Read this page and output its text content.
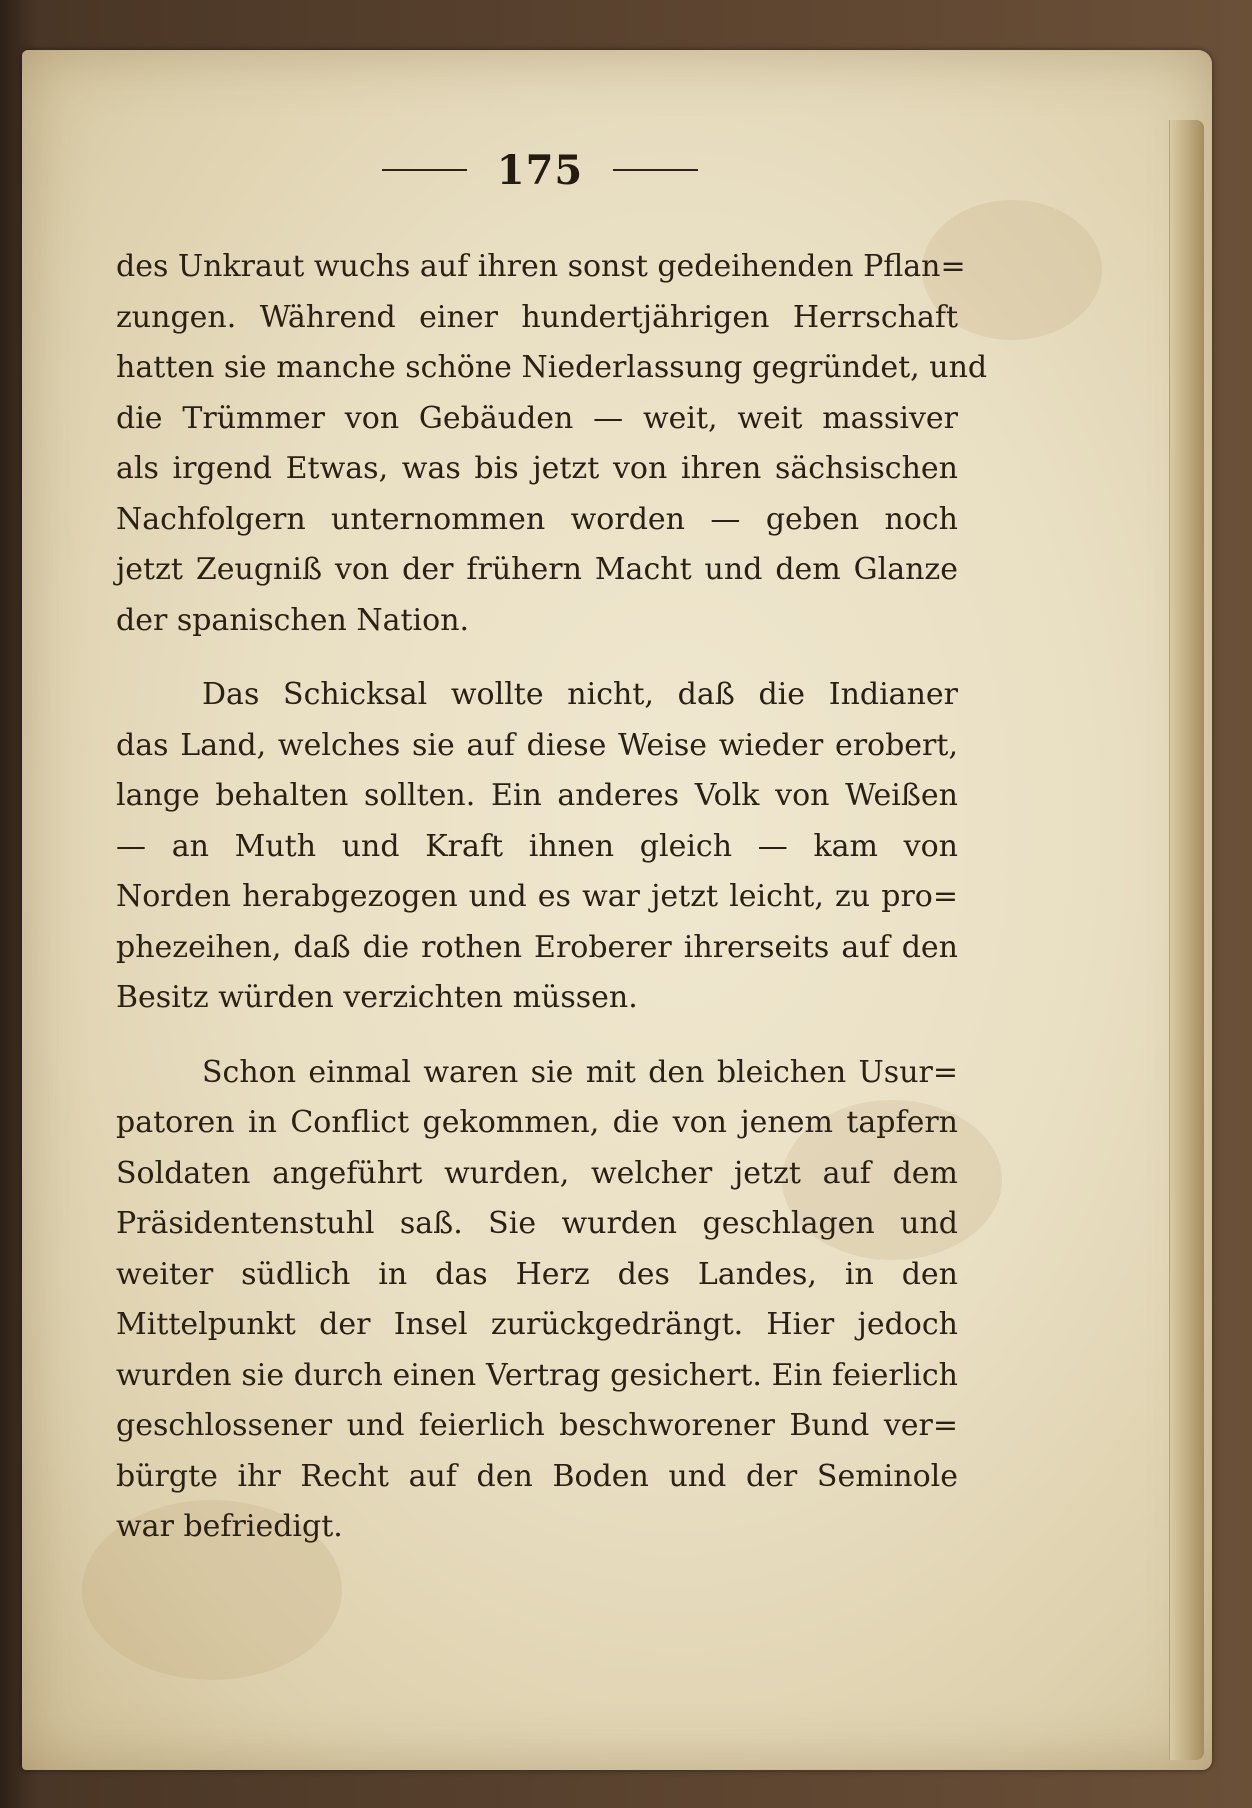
175
des Unkraut wuchs auf ihren sonst gedeihenden Pflan=
zungen. Während einer hundertjährigen Herrschaft
hatten sie manche schöne Niederlassung gegründet, und
die Trümmer von Gebäuden — weit, weit massiver
als irgend Etwas, was bis jetzt von ihren sächsischen
Nachfolgern unternommen worden — geben noch
jetzt Zeugniß von der frühern Macht und dem Glanze
der spanischen Nation.
Das Schicksal wollte nicht, daß die Indianer
das Land, welches sie auf diese Weise wieder erobert,
lange behalten sollten. Ein anderes Volk von Weißen
— an Muth und Kraft ihnen gleich — kam von
Norden herabgezogen und es war jetzt leicht, zu pro=
phezeihen, daß die rothen Eroberer ihrerseits auf den
Besitz würden verzichten müssen.
Schon einmal waren sie mit den bleichen Usur=
patoren in Conflict gekommen, die von jenem tapfern
Soldaten angeführt wurden, welcher jetzt auf dem
Präsidentenstuhl saß. Sie wurden geschlagen und
weiter südlich in das Herz des Landes, in den
Mittelpunkt der Insel zurückgedrängt. Hier jedoch
wurden sie durch einen Vertrag gesichert. Ein feierlich
geschlossener und feierlich beschworener Bund ver=
bürgte ihr Recht auf den Boden und der Seminole
war befriedigt.
